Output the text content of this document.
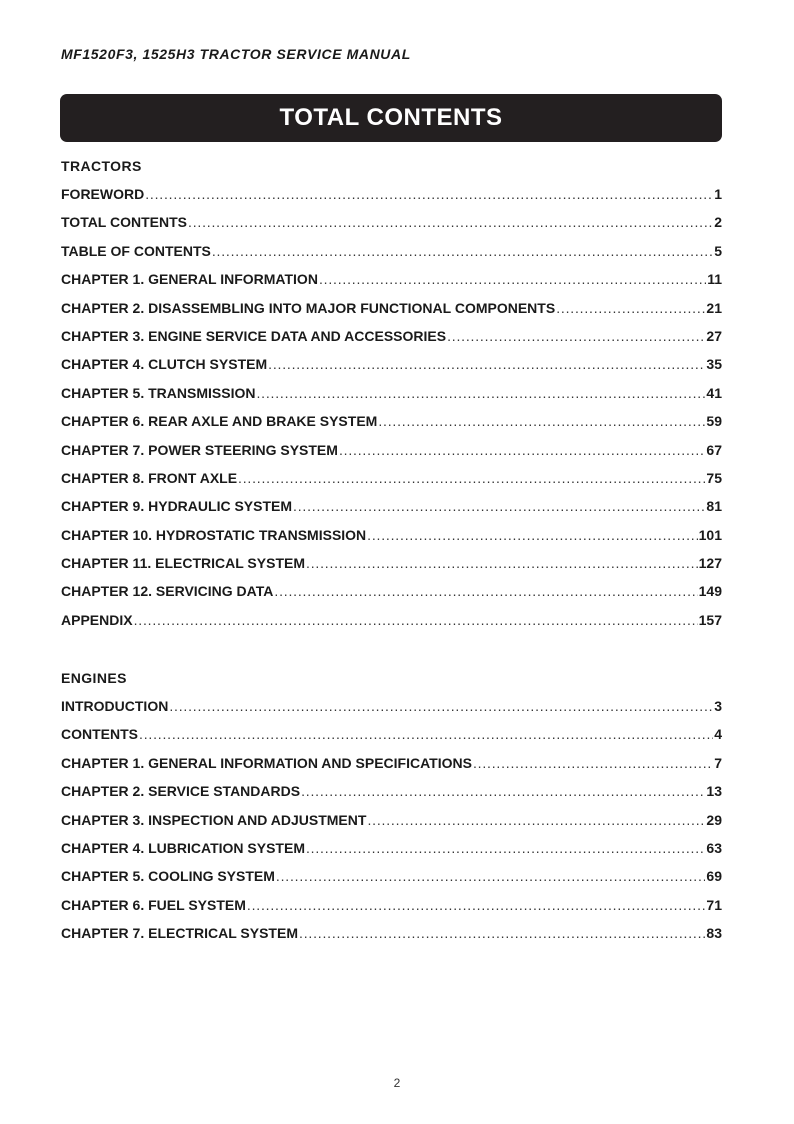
MF1520F3, 1525H3 TRACTOR SERVICE MANUAL
TOTAL CONTENTS
TRACTORS
FOREWORD .....	1
TOTAL CONTENTS .....	2
TABLE OF CONTENTS .....	5
CHAPTER 1. GENERAL INFORMATION .....	11
CHAPTER 2. DISASSEMBLING INTO MAJOR FUNCTIONAL COMPONENTS .....	21
CHAPTER 3. ENGINE SERVICE DATA AND ACCESSORIES .....	27
CHAPTER 4. CLUTCH SYSTEM .....	35
CHAPTER 5. TRANSMISSION .....	41
CHAPTER 6. REAR AXLE AND BRAKE SYSTEM .....	59
CHAPTER 7. POWER STEERING SYSTEM .....	67
CHAPTER 8. FRONT AXLE .....	75
CHAPTER 9. HYDRAULIC SYSTEM .....	81
CHAPTER 10. HYDROSTATIC TRANSMISSION .....	101
CHAPTER 11. ELECTRICAL SYSTEM .....	127
CHAPTER 12. SERVICING DATA .....	149
APPENDIX .....	157
ENGINES
INTRODUCTION .....	3
CONTENTS .....	4
CHAPTER 1. GENERAL INFORMATION AND SPECIFICATIONS .....	7
CHAPTER 2. SERVICE STANDARDS .....	13
CHAPTER 3. INSPECTION AND ADJUSTMENT .....	29
CHAPTER 4. LUBRICATION SYSTEM .....	63
CHAPTER 5. COOLING SYSTEM .....	69
CHAPTER 6. FUEL SYSTEM .....	71
CHAPTER 7. ELECTRICAL SYSTEM .....	83
2
